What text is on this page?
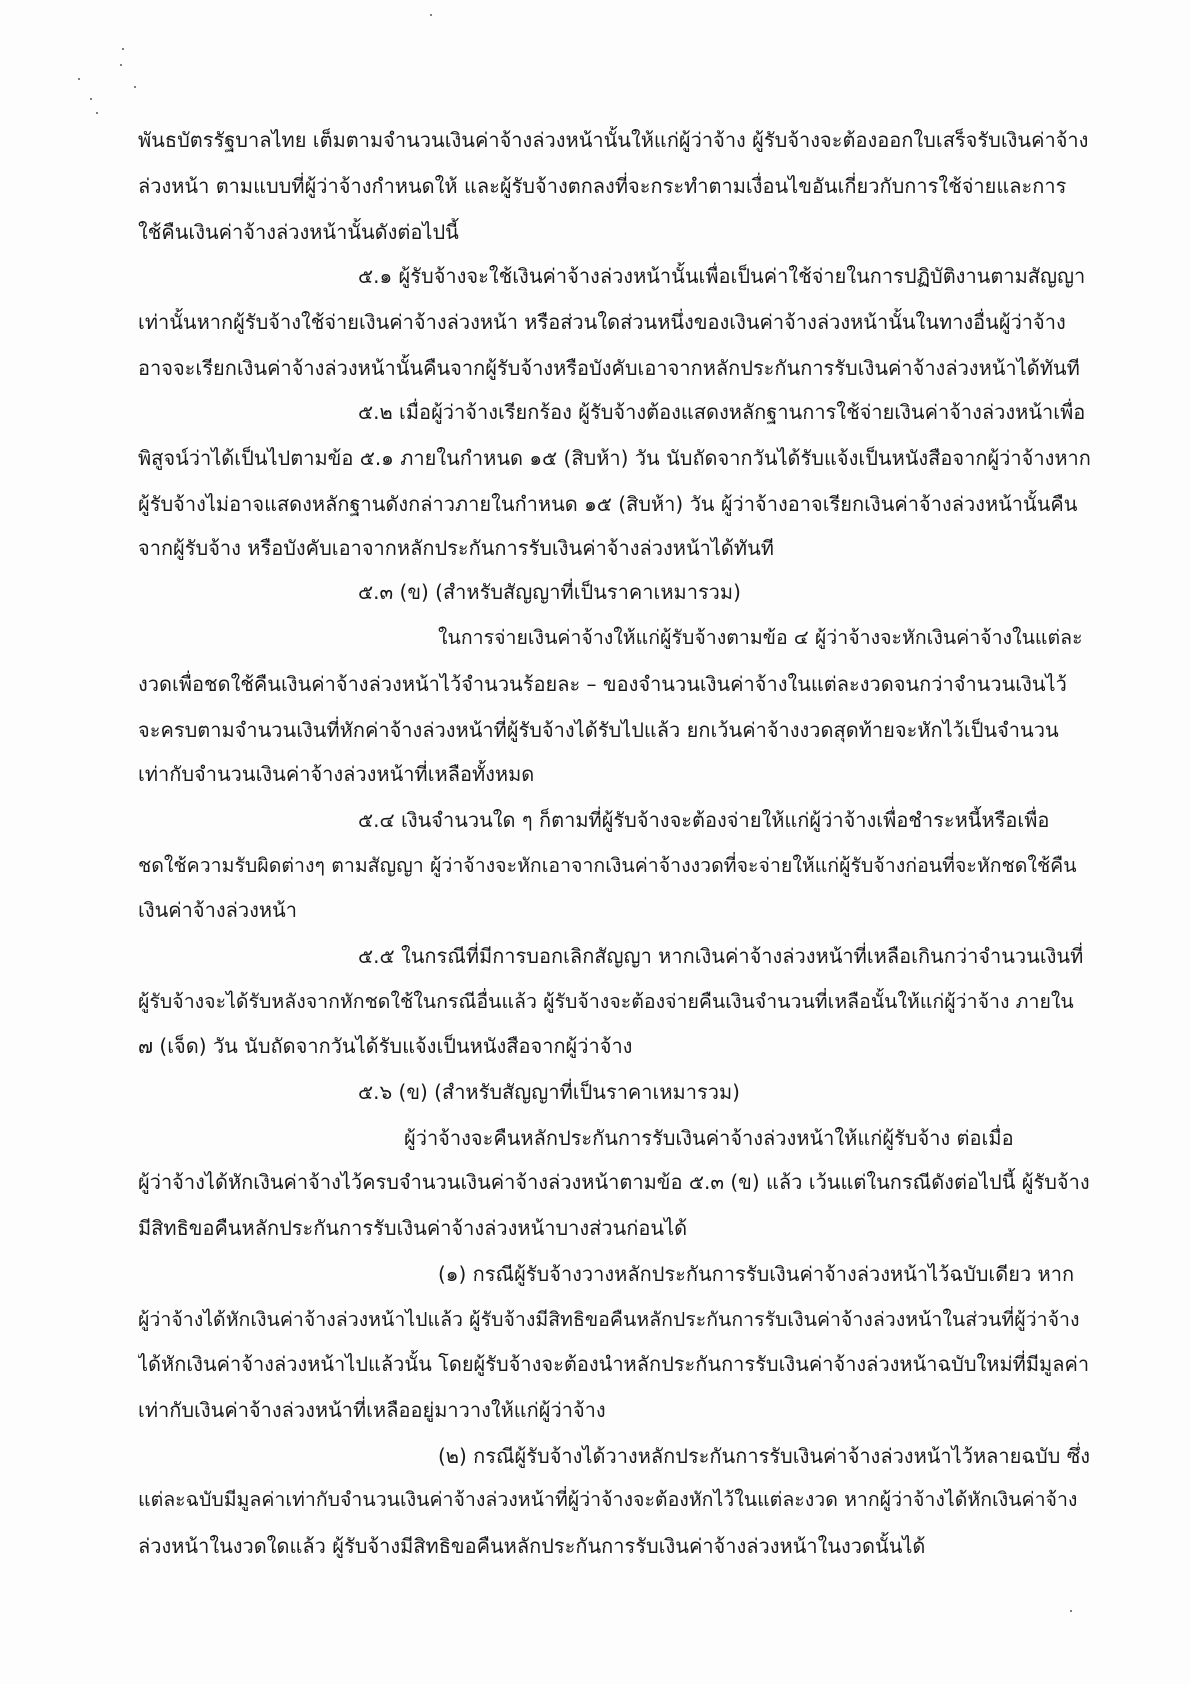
พันธบัตรรัฐบาลไทย เต็มตามจำนวนเงินค่าจ้างล่วงหน้านั้นให้แก่ผู้ว่าจ้าง ผู้รับจ้างจะต้องออกใบเสร็จรับเงินค่าจ้าง
ล่วงหน้า ตามแบบที่ผู้ว่าจ้างกำหนดให้ และผู้รับจ้างตกลงที่จะกระทำตามเงื่อนไขอันเกี่ยวกับการใช้จ่ายและการ
ใช้คืนเงินค่าจ้างล่วงหน้านั้นดังต่อไปนี้
๕.๑ ผู้รับจ้างจะใช้เงินค่าจ้างล่วงหน้านั้นเพื่อเป็นค่าใช้จ่ายในการปฏิบัติงานตามสัญญา
เท่านั้นหากผู้รับจ้างใช้จ่ายเงินค่าจ้างล่วงหน้า หรือส่วนใดส่วนหนึ่งของเงินค่าจ้างล่วงหน้านั้นในทางอื่นผู้ว่าจ้าง
อาจจะเรียกเงินค่าจ้างล่วงหน้านั้นคืนจากผู้รับจ้างหรือบังคับเอาจากหลักประกันการรับเงินค่าจ้างล่วงหน้าได้ทันที
๕.๒ เมื่อผู้ว่าจ้างเรียกร้อง ผู้รับจ้างต้องแสดงหลักฐานการใช้จ่ายเงินค่าจ้างล่วงหน้าเพื่อ
พิสูจน์ว่าได้เป็นไปตามข้อ ๕.๑ ภายในกำหนด ๑๕ (สิบห้า) วัน นับถัดจากวันได้รับแจ้งเป็นหนังสือจากผู้ว่าจ้างหาก
ผู้รับจ้างไม่อาจแสดงหลักฐานดังกล่าวภายในกำหนด ๑๕ (สิบห้า) วัน ผู้ว่าจ้างอาจเรียกเงินค่าจ้างล่วงหน้านั้นคืน
จากผู้รับจ้าง หรือบังคับเอาจากหลักประกันการรับเงินค่าจ้างล่วงหน้าได้ทันที
๕.๓ (ข) (สำหรับสัญญาที่เป็นราคาเหมารวม)
ในการจ่ายเงินค่าจ้างให้แก่ผู้รับจ้างตามข้อ ๔ ผู้ว่าจ้างจะหักเงินค่าจ้างในแต่ละ
งวดเพื่อชดใช้คืนเงินค่าจ้างล่วงหน้าไว้จำนวนร้อยละ – ของจำนวนเงินค่าจ้างในแต่ละงวดจนกว่าจำนวนเงินไว้
จะครบตามจำนวนเงินที่หักค่าจ้างล่วงหน้าที่ผู้รับจ้างได้รับไปแล้ว ยกเว้นค่าจ้างงวดสุดท้ายจะหักไว้เป็นจำนวน
เท่ากับจำนวนเงินค่าจ้างล่วงหน้าที่เหลือทั้งหมด
๕.๔ เงินจำนวนใด ๆ ก็ตามที่ผู้รับจ้างจะต้องจ่ายให้แก่ผู้ว่าจ้างเพื่อชำระหนี้หรือเพื่อ
ชดใช้ความรับผิดต่างๆ ตามสัญญา ผู้ว่าจ้างจะหักเอาจากเงินค่าจ้างงวดที่จะจ่ายให้แก่ผู้รับจ้างก่อนที่จะหักชดใช้คืน
เงินค่าจ้างล่วงหน้า
๕.๕ ในกรณีที่มีการบอกเลิกสัญญา หากเงินค่าจ้างล่วงหน้าที่เหลือเกินกว่าจำนวนเงินที่
ผู้รับจ้างจะได้รับหลังจากหักชดใช้ในกรณีอื่นแล้ว ผู้รับจ้างจะต้องจ่ายคืนเงินจำนวนที่เหลือนั้นให้แก่ผู้ว่าจ้าง ภายใน
๗ (เจ็ด) วัน นับถัดจากวันได้รับแจ้งเป็นหนังสือจากผู้ว่าจ้าง
๕.๖ (ข) (สำหรับสัญญาที่เป็นราคาเหมารวม)
ผู้ว่าจ้างจะคืนหลักประกันการรับเงินค่าจ้างล่วงหน้าให้แก่ผู้รับจ้าง ต่อเมื่อ
ผู้ว่าจ้างได้หักเงินค่าจ้างไว้ครบจำนวนเงินค่าจ้างล่วงหน้าตามข้อ ๕.๓ (ข) แล้ว เว้นแต่ในกรณีดังต่อไปนี้ ผู้รับจ้าง
มีสิทธิขอคืนหลักประกันการรับเงินค่าจ้างล่วงหน้าบางส่วนก่อนได้
(๑) กรณีผู้รับจ้างวางหลักประกันการรับเงินค่าจ้างล่วงหน้าไว้ฉบับเดียว หาก
ผู้ว่าจ้างได้หักเงินค่าจ้างล่วงหน้าไปแล้ว ผู้รับจ้างมีสิทธิขอคืนหลักประกันการรับเงินค่าจ้างล่วงหน้าในส่วนที่ผู้ว่าจ้าง
ได้หักเงินค่าจ้างล่วงหน้าไปแล้วนั้น โดยผู้รับจ้างจะต้องนำหลักประกันการรับเงินค่าจ้างล่วงหน้าฉบับใหม่ที่มีมูลค่า
เท่ากับเงินค่าจ้างล่วงหน้าที่เหลืออยู่มาวางให้แก่ผู้ว่าจ้าง
(๒) กรณีผู้รับจ้างได้วางหลักประกันการรับเงินค่าจ้างล่วงหน้าไว้หลายฉบับ ซึ่ง
แต่ละฉบับมีมูลค่าเท่ากับจำนวนเงินค่าจ้างล่วงหน้าที่ผู้ว่าจ้างจะต้องหักไว้ในแต่ละงวด หากผู้ว่าจ้างได้หักเงินค่าจ้าง
ล่วงหน้าในงวดใดแล้ว ผู้รับจ้างมีสิทธิขอคืนหลักประกันการรับเงินค่าจ้างล่วงหน้าในงวดนั้นได้
